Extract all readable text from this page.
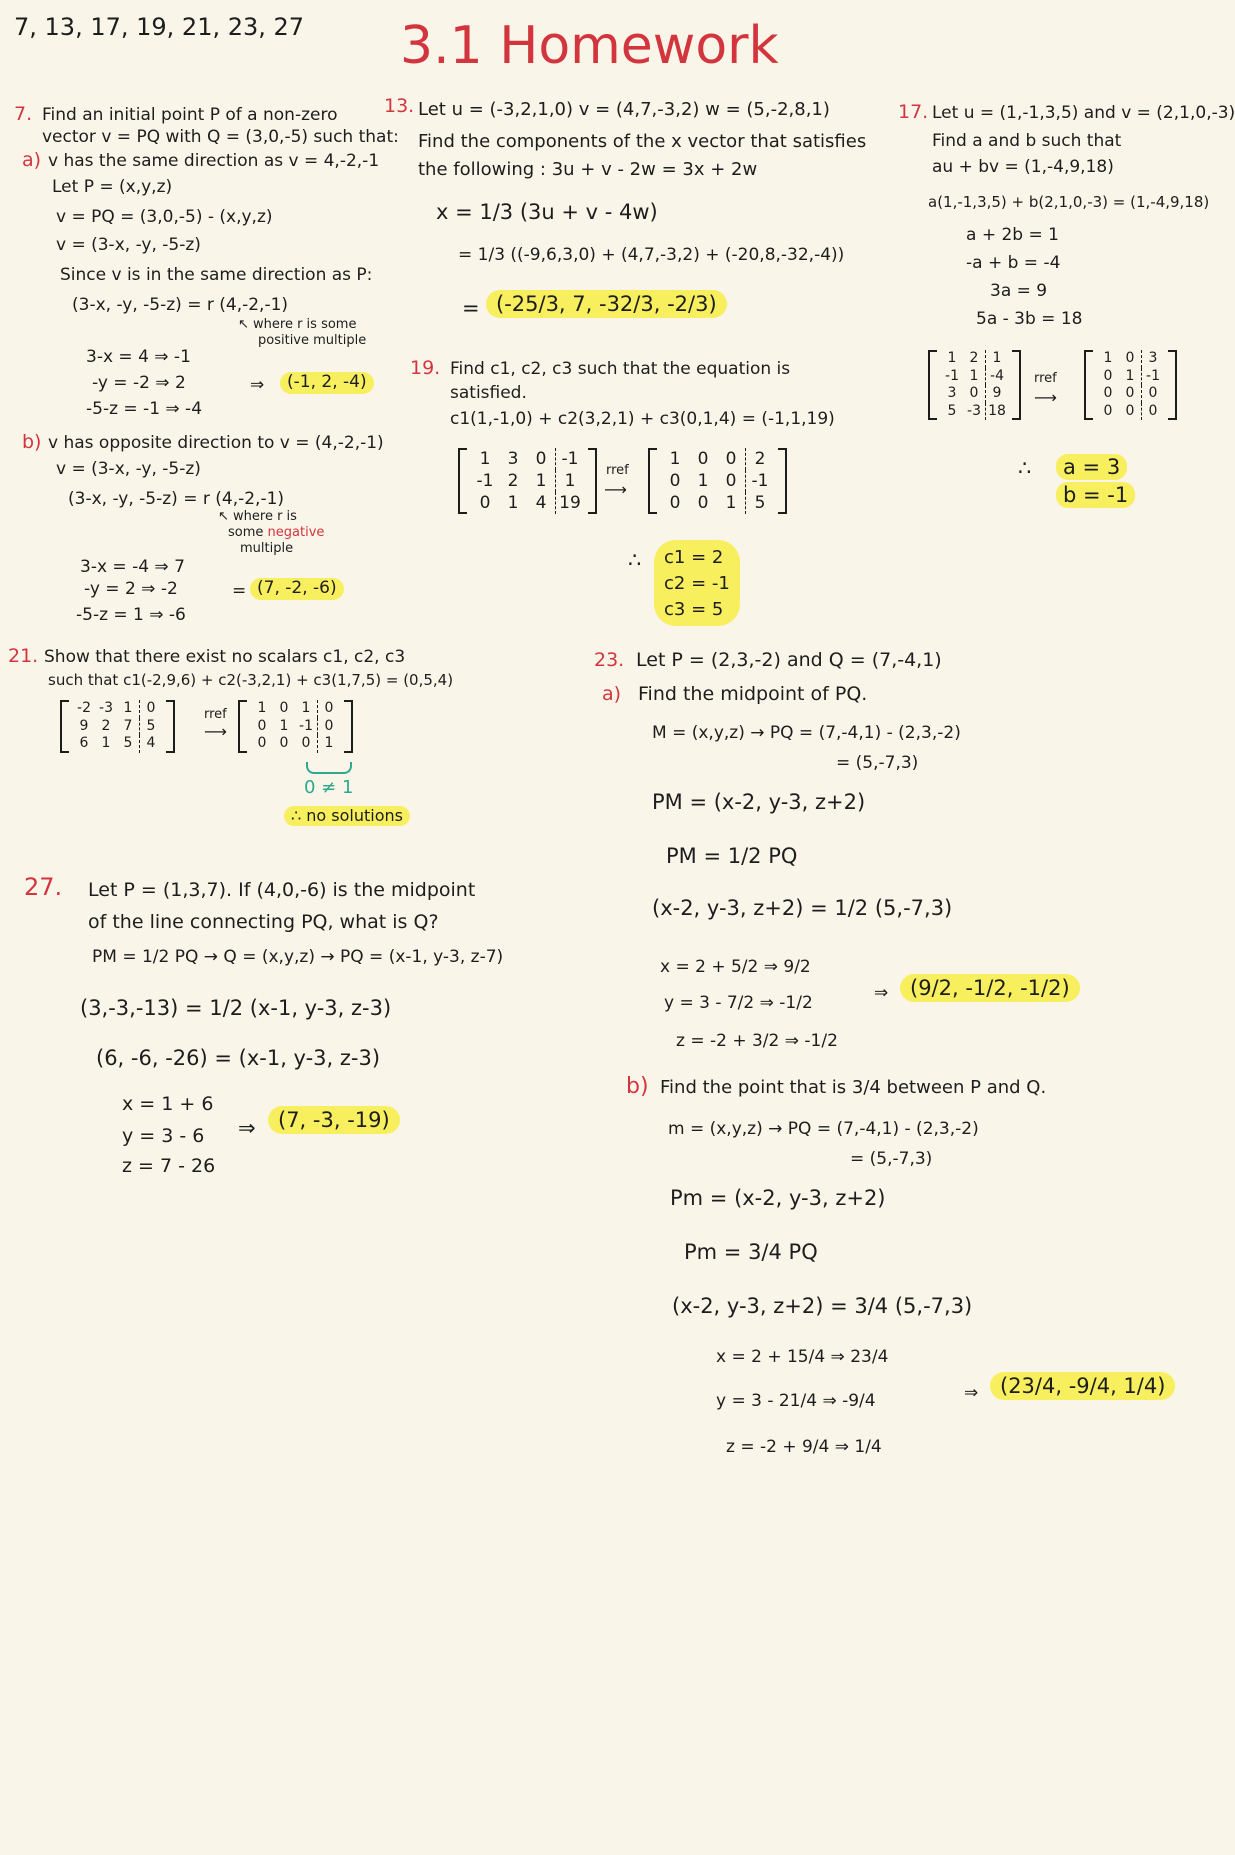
7, 13, 17, 19, 21, 23, 27 3.1 Homework
7. Find an initial point P of a non-zero
vector v = PQ with Q = (3,0,-5) such that:
a) v has the same direction as v = 4,-2,-1
Let P = (x,y,z)
v = PQ = (3,0,-5) - (x,y,z)
v = (3-x, -y, -5-z)
Since v is in the same direction as P:
(3-x, -y, -5-z) = r (4,-2,-1)
↖ where r is some
positive multiple
3-x = 4 ⇒ -1
-y = -2 ⇒ 2
-5-z = -1 ⇒ -4
⇒	(-1, 2, -4)
b) v has opposite direction to v = (4,-2,-1)
v = (3-x, -y, -5-z)
(3-x, -y, -5-z) = r (4,-2,-1)
↖ where r is
some negative
multiple
3-x = -4 ⇒ 7
-y = 2 ⇒ -2
-5-z = 1 ⇒ -6
= (7, -2, -6)
13. Let u = (-3,2,1,0) v = (4,7,-3,2) w = (5,-2,8,1)
Find the components of the x vector that satisfies
the following : 3u + v - 2w = 3x + 2w
x = 1/3 (3u + v - 4w)
= 1/3 ((-9,6,3,0) + (4,7,-3,2) + (-20,8,-32,-4))
= (-25/3, 7, -32/3, -2/3)
17. Let u = (1,-1,3,5) and v = (2,1,0,-3)
Find a and b such that
au + bv = (1,-4,9,18)
a(1,-1,3,5) + b(2,1,0,-3) = (1,-4,9,18)
a + 2b = 1
-a + b = -4
3a = 9
5a - 3b = 18
1 2	1
-1 1 -4
3 0	9
5 -3 18
rref
⟶
1 0	3
0 1 -1
0 0	0
0 0	0
∴	a = 3
b = -1
19. Find c1, c2, c3 such that the equation is
satisfied.
c1(1,-1,0) + c2(3,2,1) + c3(0,1,4) = (-1,1,19)
1	3	0 -1
-1 2	1	1
0	1	4 19
rref
⟶
1	0	0	2
0	1	0 -1
0	0	1	5
∴ c1 = 2
c2 = -1
c3 = 5
21. Show that there exist no scalars c1, c2, c3
such that c1(-2,9,6) + c2(-3,2,1) + c3(1,7,5) = (0,5,4)
-2 -3 1	0
9 2 7	5
6 1 5	4
rref
⟶
1 0 1	0
0 1 -1 0
0 0 0	1
0 ≠ 1
∴ no solutions
23. Let P = (2,3,-2) and Q = (7,-4,1)
a) Find the midpoint of PQ.
M = (x,y,z) → PQ = (7,-4,1) - (2,3,-2)
= (5,-7,3)
PM = (x-2, y-3, z+2)
PM = 1/2 PQ
(x-2, y-3, z+2) = 1/2 (5,-7,3)
x = 2 + 5/2 ⇒ 9/2
y = 3 - 7/2 ⇒ -1/2
z = -2 + 3/2 ⇒ -1/2
⇒	(9/2, -1/2, -1/2)
b) Find the point that is 3/4 between P and Q.
m = (x,y,z) → PQ = (7,-4,1) - (2,3,-2)
= (5,-7,3)
Pm = (x-2, y-3, z+2)
Pm = 3/4 PQ
(x-2, y-3, z+2) = 3/4 (5,-7,3)
x = 2 + 15/4 ⇒ 23/4
y = 3 - 21/4 ⇒ -9/4
z = -2 + 9/4 ⇒ 1/4
⇒	(23/4, -9/4, 1/4)
27. Let P = (1,3,7). If (4,0,-6) is the midpoint
of the line connecting PQ, what is Q?
PM = 1/2 PQ → Q = (x,y,z) → PQ = (x-1, y-3, z-7)
(3,-3,-13) = 1/2 (x-1, y-3, z-3)
(6, -6, -26) = (x-1, y-3, z-3)
x = 1 + 6
y = 3 - 6
z = 7 - 26
⇒	(7, -3, -19)
